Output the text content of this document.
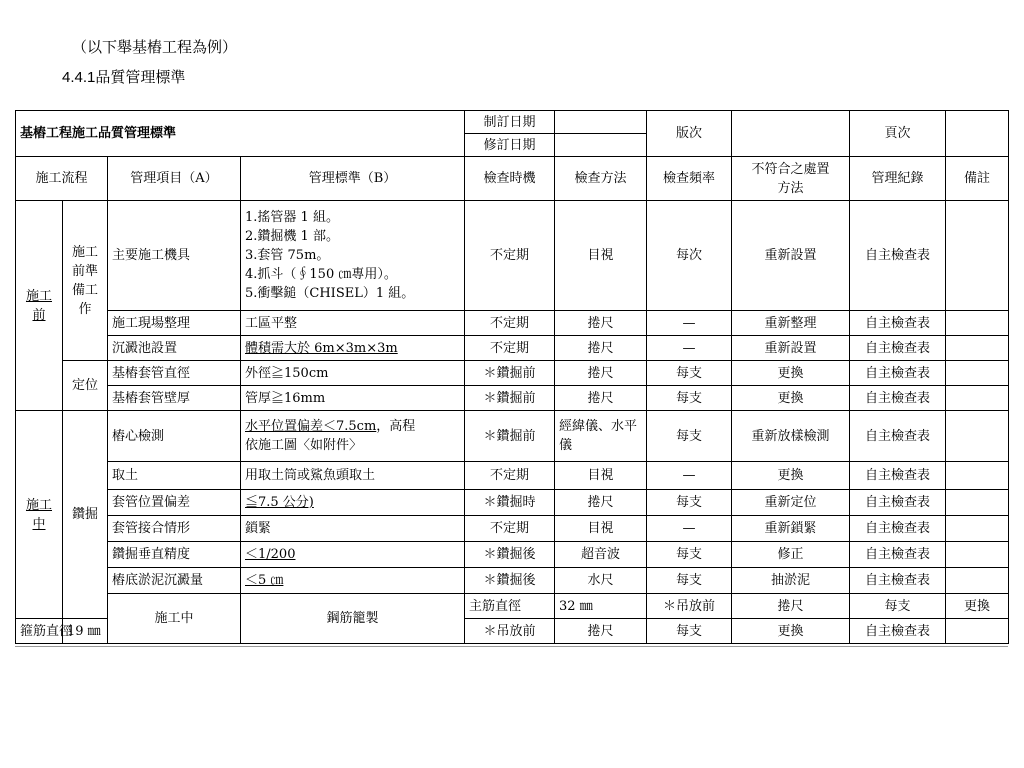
（以下舉基樁工程為例）
4.4.1品質管理標準
基樁工程施工品質管理標準				制訂日期		版次		頁次		
				修訂日期						
施工流程		管理項目（A）	管理標準（B）	檢查時機	檢查方法	檢查頻率	不符合之處置方法	管理紀錄	備註	
施工前	施工前準備工作	主要施工機具	1.搖管器 1 組。
2.鑽掘機 1 部。
3.套管 75m。
4.抓斗（∮150 ㎝專用）。
5.衝擊鎚（CHISEL）1 組。	不定期	目視	每次	重新設置	自主檢查表		
		施工現場整理	工區平整	不定期	捲尺	—	重新整理	自主檢查表		
		沉澱池設置	體積需大於 6m×3m×3m	不定期	捲尺	—	重新設置	自主檢查表		
	定位	基樁套管直徑	外徑≧150cm	＊鑽掘前	捲尺	每支	更換	自主檢查表		
		基樁套管壁厚	管厚≧16mm	＊鑽掘前	捲尺	每支	更換	自主檢查表		
施工中	鑽掘	樁心檢測	水平位置偏差＜7.5cm，高程
依施工圖〈如附件〉	＊鑽掘前	經緯儀、水平儀	每支	重新放樣檢測	自主檢查表		
		取土	用取土筒或鯊魚頭取土	不定期	目視	—	更換	自主檢查表		
		套管位置偏差	≦7.5 公分)	＊鑽掘時	捲尺	每支	重新定位	自主檢查表		
		套管接合情形	鎖緊	不定期	目視	—	重新鎖緊	自主檢查表		
		鑽掘垂直精度	＜1/200	＊鑽掘後	超音波	每支	修正	自主檢查表		
		樁底淤泥沉澱量	＜5 ㎝	＊鑽掘後	水尺	每支	抽淤泥	自主檢查表		
		施工中	鋼筋籠製	主筋直徑	32 ㎜	＊吊放前	捲尺	每支	更換		
箍筋直徑	19 ㎜			＊吊放前	捲尺	每支	更換	自主檢查表		
